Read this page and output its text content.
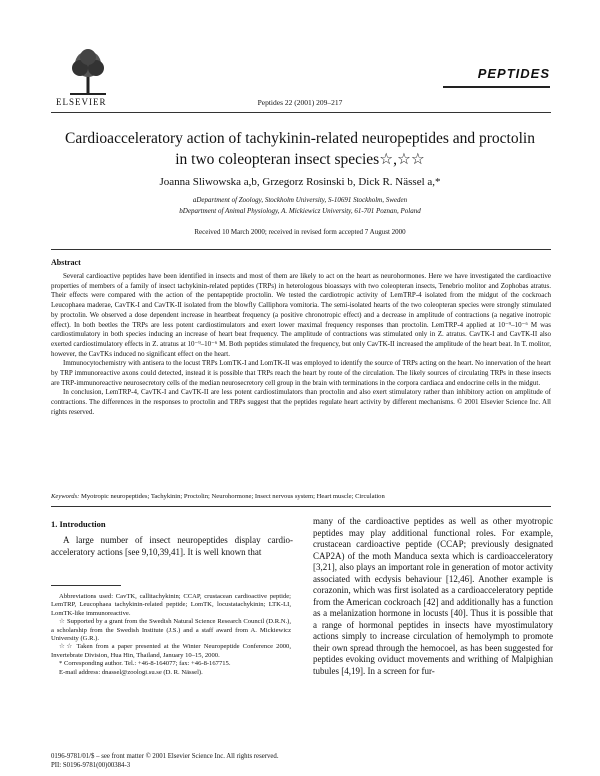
ELSEVIER
PEPTIDES
Peptides 22 (2001) 209–217
Cardioacceleratory action of tachykinin-related neuropeptides and proctolin in two coleopteran insect species☆,☆☆
Joanna Sliwowska a,b, Grzegorz Rosinski b, Dick R. Nässel a,*
aDepartment of Zoology, Stockholm University, S-10691 Stockholm, Sweden
bDepartment of Animal Physiology, A. Mickiewicz University, 61-701 Poznan, Poland
Received 10 March 2000; received in revised form accepted 7 August 2000
Abstract

Several cardioactive peptides have been identified in insects and most of them are likely to act on the heart as neurohormones. Here we have investigated the cardioactive properties of members of a family of insect tachykinin-related peptides (TRPs) in heterologous bioassays with two coleopteran insects, Tenebrio molitor and Zophobas atratus. Their effects were compared with the action of the pentapeptide proctolin. We tested the cardiotropic activity of LemTRP-4 isolated from the midgut of the cockroach Leucophaea maderae, CavTK-I and CavTK-II isolated from the blowfly Calliphora vomitoria. The semi-isolated hearts of the two coleopteran species were strongly stimulated by proctolin. We observed a dose dependent increase in heartbeat frequency (a positive chronotropic effect) and a decrease in amplitude of contractions (a negative inotropic effect). In both beetles the TRPs are less potent cardiostimulators and exert lower maximal frequency responses than proctolin. LemTRP-4 applied at 10⁻⁹–10⁻⁶ M was cardiostimulatory in both species inducing an increase of heart beat frequency. The amplitude of contractions was stimulated only in Z. atratus. CavTK-I and CavTK-II also exerted cardiostimulatory effects in Z. atratus at 10⁻⁹–10⁻⁶ M. Both peptides stimulated the frequency, but only CavTK-II increased the amplitude of the heart beat. In T. molitor, however, the CavTKs induced no significant effect on the heart.

Immunocytochemistry with antisera to the locust TRPs LomTK-I and LomTK-II was employed to identify the source of TRPs acting on the heart. No innervation of the heart by TRP immunoreactive axons could detected, instead it is possible that TRPs reach the heart by route of the circulation. The likely sources of circulating TRPs in these insects are TRP-immunoreactive neurosecretory cells of the median neurosecretory cell group in the brain with terminations in the corpora cardiaca and endocrine cells in the midgut.

In conclusion, LemTRP-4, CavTK-I and CavTK-II are less potent cardiostimulators than proctolin and also exert stimulatory rather than inhibitory action on amplitude of contractions. The differences in the responses to proctolin and TRPs suggest that the peptides regulate heart activity by different mechanisms. © 2001 Elsevier Science Inc. All rights reserved.

Keywords: Myotropic neuropeptides; Tachykinin; Proctolin; Neurohormone; Insect nervous system; Heart muscle; Circulation
1. Introduction
A large number of insect neuropeptides display cardio-acceleratory actions [see 9,10,39,41]. It is well known that
many of the cardioactive peptides as well as other myotropic peptides may play additional functional roles. For example, crustacean cardioactive peptide (CCAP; previously designated CAP2A) of the moth Manduca sexta which is cardioacceleratory [3,21], also plays an important role in generation of motor activity associated with ecdysis behaviour [12,46]. Another example is corazonin, which was first isolated as a cardioacceleratory peptide from the American cockroach [42] and additionally has a function as a melanization hormone in locusts [40]. Thus it is possible that a range of hormonal peptides in insects have myostimulatory actions simply to increase circulation of hemolymph to promote their own spread through the hemocoel, as has been suggested for peptides evoking oviduct movements and writhing of Malpighian tubules [4,19]. In a screen for fur-

Abbreviations used: CavTK, callitachykinin; CCAP, crustacean cardioactive peptide; LemTRP, Leucophaea tachykinin-related peptide; LomTK, locustatachykinin; LTK-LI, LomTK-like immunoreactive.

☆ Supported by a grant from the Swedish Natural Science Research Council (D.R.N.), a scholarship from the Swedish Institute (J.S.) and a staff award from A. Mickiewicz University (G.R.).

☆☆ Taken from a paper presented at the Winter Neuropeptide Conference 2000, Invertebrate Division, Hua Hin, Thailand, January 10–15, 2000.

* Corresponding author. Tel.: +46-8-164077; fax: +46-8-167715.

E-mail address: dnassel@zoologi.su.se (D. R. Nässel).

0196-9781/01/$ – see front matter © 2001 Elsevier Science Inc. All rights reserved.
PII: S0196-9781(00)00384-3
